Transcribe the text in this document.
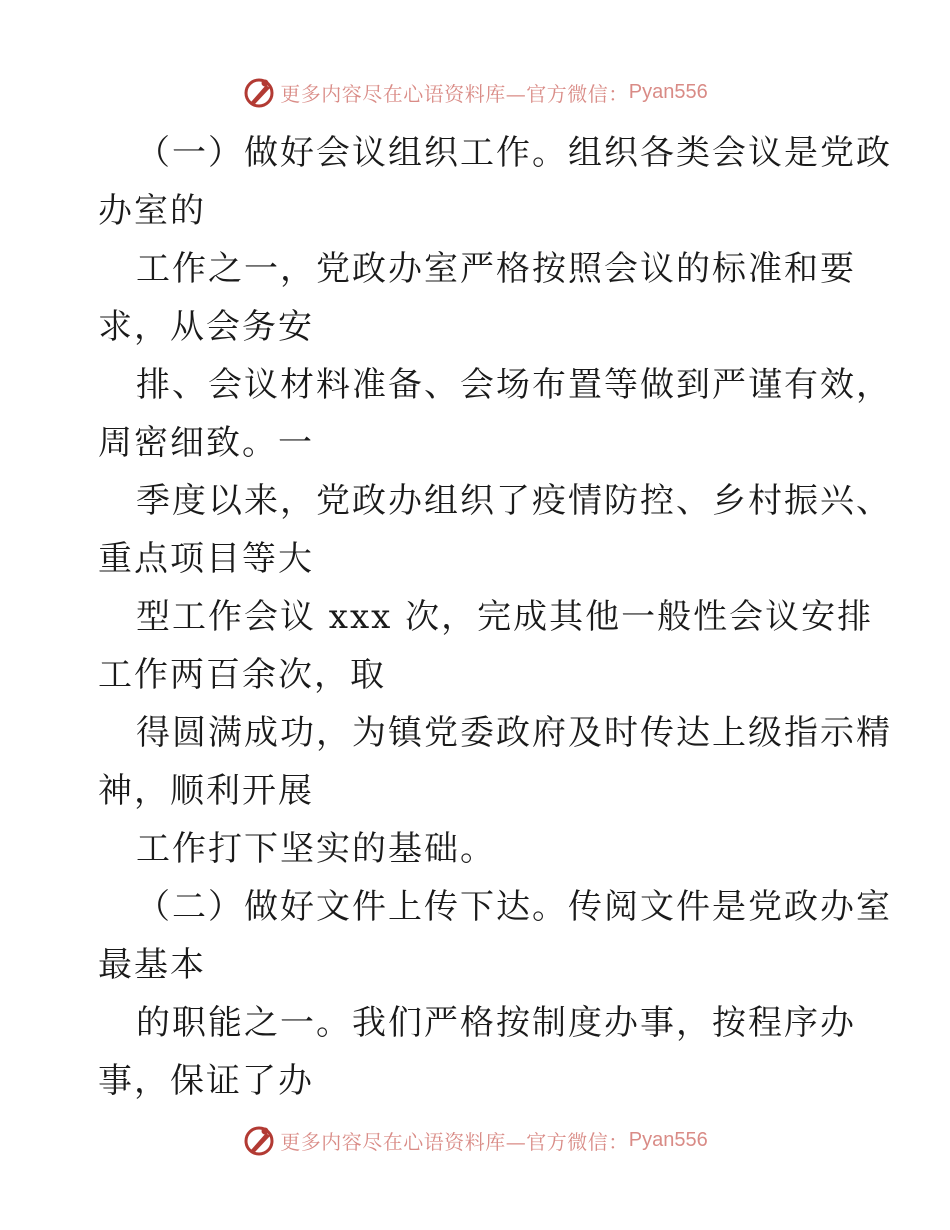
更多内容尽在心语资料库—官方微信： Pyan556
（一）做好会议组织工作。组织各类会议是党政
办室的
工作之一，党政办室严格按照会议的标准和要
求，从会务安
排、会议材料准备、会场布置等做到严谨有效，
周密细致。一
季度以来，党政办组织了疫情防控、乡村振兴、
重点项目等大
型工作会议 xxx 次，完成其他一般性会议安排
工作两百余次，取
得圆满成功，为镇党委政府及时传达上级指示精
神，顺利开展
工作打下坚实的基础。
（二）做好文件上传下达。传阅文件是党政办室
最基本
的职能之一。我们严格按制度办事，按程序办
事，保证了办
更多内容尽在心语资料库—官方微信： Pyan556
